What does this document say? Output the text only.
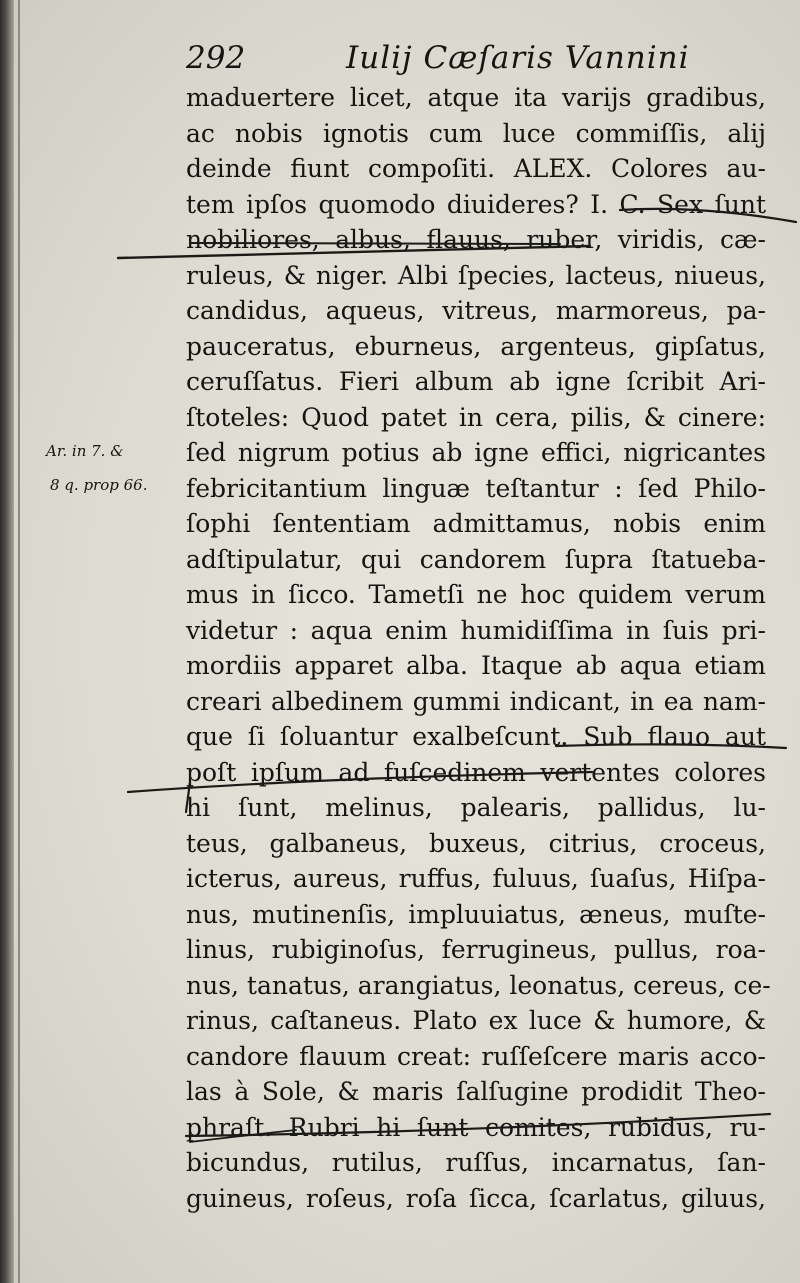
292	Iulij Cæſaris Vannini
Ar. in 7. &
8 q. prop 66.
maduertere licet, atque ita varijs gradibus,
ac nobis ignotis cum luce commiſſis, alij
deinde fiunt compoſiti. ALEX. Colores au-
tem ipſos quomodo diuideres? I. C. Sex ſunt
nobiliores, albus, flauus, ruber, viridis, cæ-
ruleus, & niger. Albi ſpecies, lacteus, niueus,
candidus, aqueus, vitreus, marmoreus, pa-
pauceratus, eburneus, argenteus, gipſatus,
ceruſſatus. Fieri album ab igne ſcribit Ari-
ſtoteles: Quod patet in cera, pilis, & cinere:
ſed nigrum potius ab igne effici, nigricantes
febricitantium linguæ teſtantur : ſed Philo-
ſophi ſententiam admittamus, nobis enim
adſtipulatur, qui candorem ſupra ſtatueba-
mus in ſicco. Tametſi ne hoc quidem verum
videtur : aqua enim humidiſſima in ſuis pri-
mordiis apparet alba. Itaque ab aqua etiam
creari albedinem gummi indicant, in ea nam-
que ſi ſoluantur exalbeſcunt. Sub flauo aut
poſt ipſum ad fuſcedinem vertentes colores
hi ſunt, melinus, palearis, pallidus, lu-
teus, galbaneus, buxeus, citrius, croceus,
icterus, aureus, ruffus, fuluus, ſuaſus, Hiſpa-
nus, mutinenſis, impluuiatus, æneus, muſte-
linus, rubiginoſus, ferrugineus, pullus, roa-
nus, tanatus, arangiatus, leonatus, cereus, ce-
rinus, caſtaneus. Plato ex luce & humore, &
candore flauum creat: ruſſeſcere maris acco-
las à Sole, & maris ſalſugine prodidit Theo-
phraſt. Rubri hi ſunt comites, rubidus, ru-
bicundus, rutilus, ruſſus, incarnatus, ſan-
guineus, roſeus, roſa ſicca, ſcarlatus, giluus,
